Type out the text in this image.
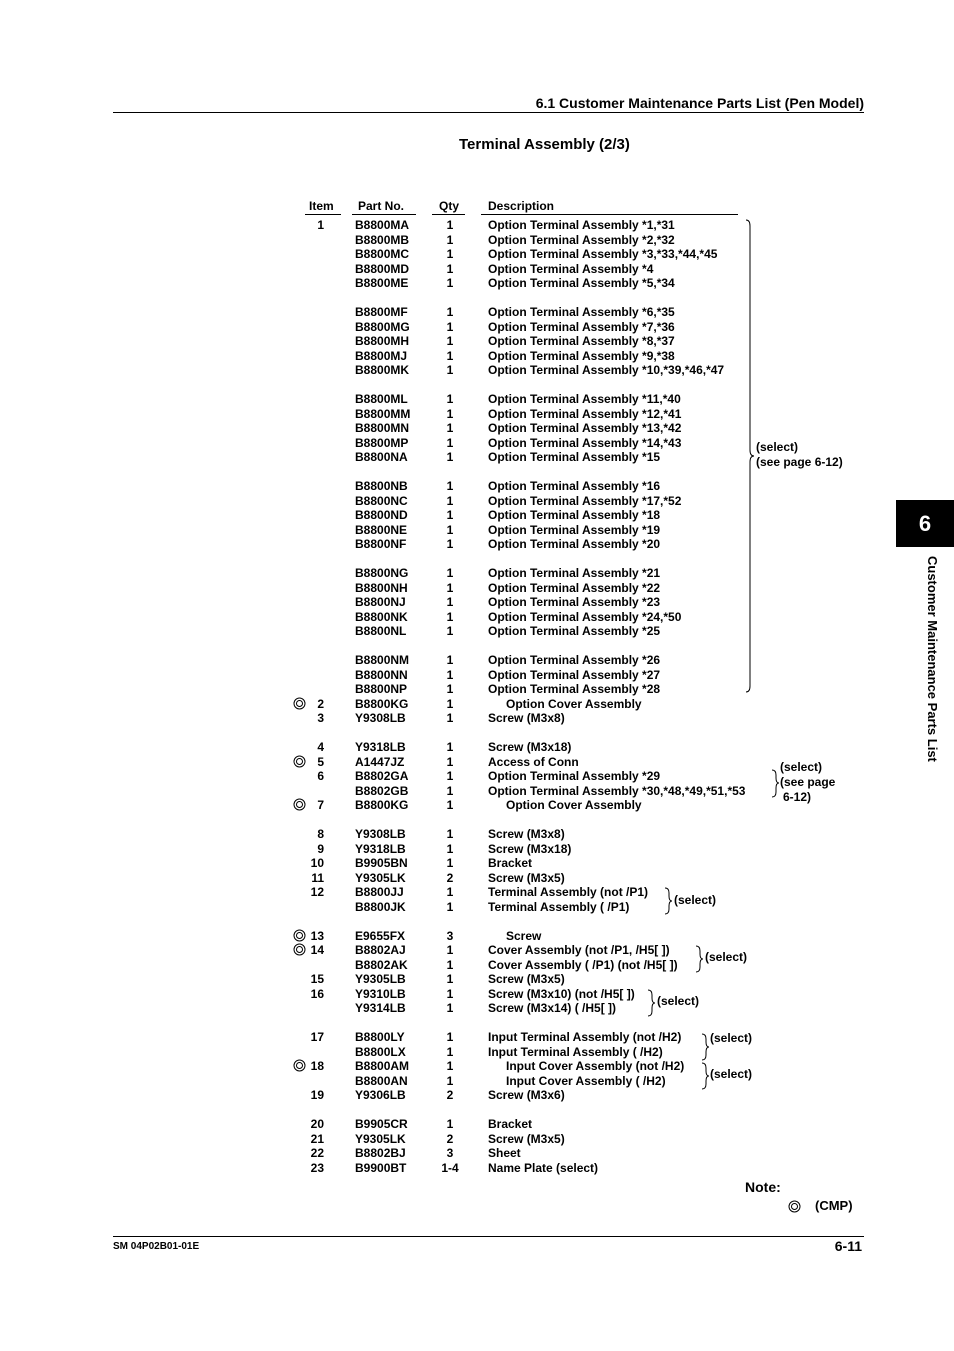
6.1 Customer Maintenance Parts List (Pen Model)
Terminal Assembly (2/3)
Item Part No.	Qty Description
1	B8800MA	1	Option Terminal Assembly *1,*31
B8800MB	1	Option Terminal Assembly *2,*32
B8800MC	1	Option Terminal Assembly *3,*33,*44,*45
B8800MD	1	Option Terminal Assembly *4
B8800ME	1	Option Terminal Assembly *5,*34
B8800MF	1	Option Terminal Assembly *6,*35
B8800MG	1	Option Terminal Assembly *7,*36
B8800MH	1	Option Terminal Assembly *8,*37
B8800MJ	1	Option Terminal Assembly *9,*38
B8800MK	1	Option Terminal Assembly *10,*39,*46,*47
B8800ML	1	Option Terminal Assembly *11,*40
B8800MM	1	Option Terminal Assembly *12,*41
B8800MN	1	Option Terminal Assembly *13,*42
B8800MP	1	Option Terminal Assembly *14,*43
B8800NA	1	Option Terminal Assembly *15
B8800NB	1	Option Terminal Assembly *16
B8800NC	1	Option Terminal Assembly *17,*52
B8800ND	1	Option Terminal Assembly *18
B8800NE	1	Option Terminal Assembly *19
B8800NF	1	Option Terminal Assembly *20
B8800NG	1	Option Terminal Assembly *21
B8800NH	1	Option Terminal Assembly *22
B8800NJ	1	Option Terminal Assembly *23
B8800NK	1	Option Terminal Assembly *24,*50
B8800NL	1	Option Terminal Assembly *25
B8800NM	1	Option Terminal Assembly *26
B8800NN	1	Option Terminal Assembly *27
B8800NP	1	Option Terminal Assembly *28
2	B8800KG	1	Option Cover Assembly
3	Y9308LB	1	Screw (M3x8)
4	Y9318LB	1	Screw (M3x18)
5	A1447JZ	1	Access of Conn
6	B8802GA	1	Option Terminal Assembly *29
B8802GB	1	Option Terminal Assembly *30,*48,*49,*51,*53
7	B8800KG	1	Option Cover Assembly
8	Y9308LB	1	Screw (M3x8)
9	Y9318LB	1	Screw (M3x18)
10	B9905BN	1	Bracket
11	Y9305LK	2	Screw (M3x5)
12	B8800JJ	1	Terminal Assembly (not /P1)
B8800JK	1	Terminal Assembly ( /P1)
13	E9655FX	3	Screw
14	B8802AJ	1	Cover Assembly (not /P1, /H5[ ])
B8802AK	1	Cover Assembly ( /P1) (not /H5[ ])
15	Y9305LB	1	Screw (M3x5)
16	Y9310LB	1	Screw (M3x10) (not /H5[ ])
Y9314LB	1	Screw (M3x14) ( /H5[ ])
17	B8800LY	1	Input Terminal Assembly (not /H2)
B8800LX	1	Input Terminal Assembly ( /H2)
18	B8800AM	1	Input Cover Assembly (not /H2)
B8800AN	1	Input Cover Assembly ( /H2)
19	Y9306LB	2	Screw (M3x6)
20	B9905CR	1	Bracket
21	Y9305LK	2	Screw (M3x5)
22	B8802BJ	3	Sheet
23	B9900BT	1-4	Name Plate (select)
(select)
(see page 6-12)
(select)
(see page
6-12)
(select)
(select)
(select)
(select)
(select)
6
Customer Maintenance Parts List
Note:
(CMP)
SM 04P02B01-01E	6-11
